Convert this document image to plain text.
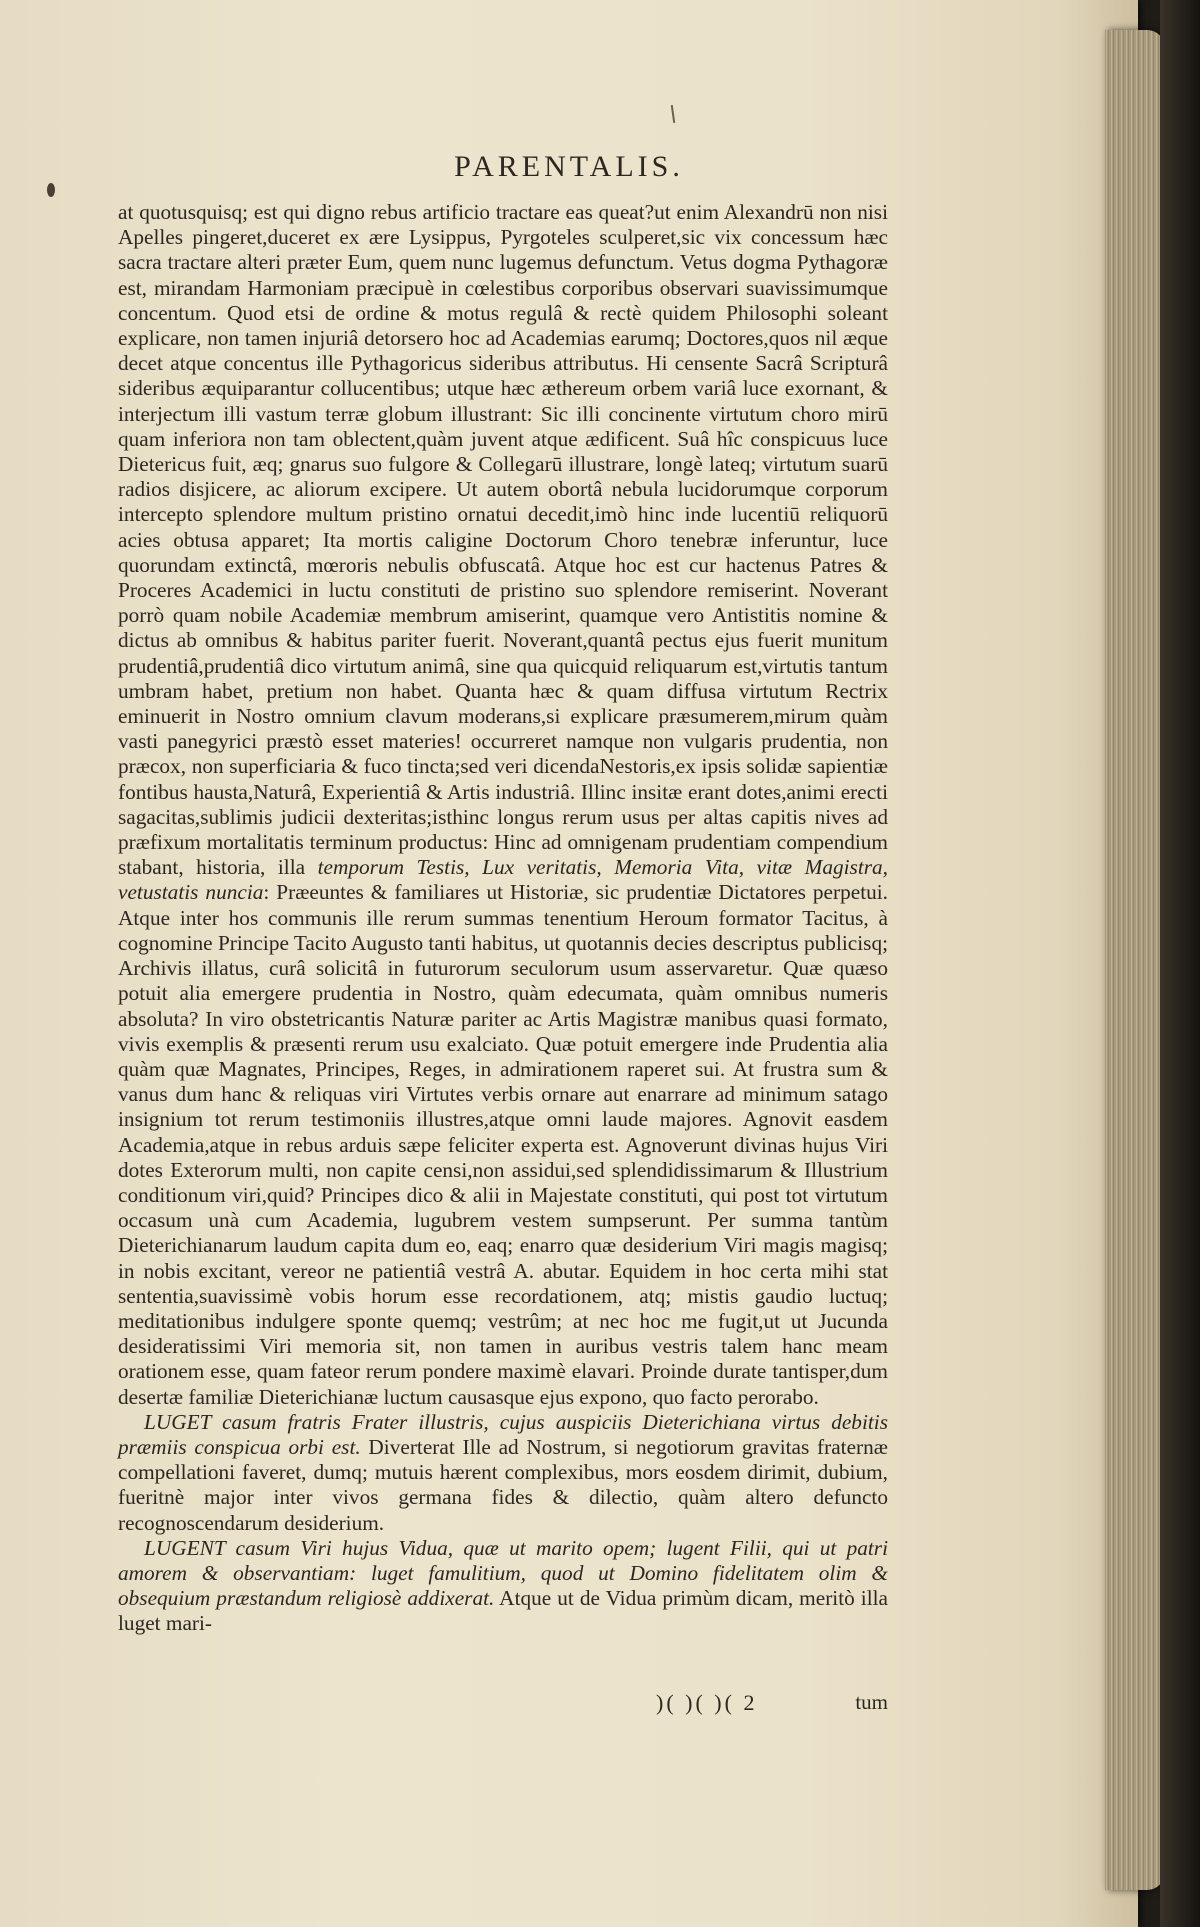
PARENTALIS.

at quotusquisq; est qui digno rebus artificio tractare eas queat?ut enim Alexandrū non nisi Apelles pingeret,duceret ex ære Lysippus, Pyrgoteles sculperet,sic vix concessum hæc sacra tractare alteri præter Eum, quem nunc lugemus defunctum. Vetus dogma Pythagoræ est, mirandam Harmoniam præcipuè in cœlestibus corporibus observari suavissimumque concentum. Quod etsi de ordine & motus regulâ & rectè quidem Philosophi soleant explicare, non tamen injuriâ detorsero hoc ad Academias earumq; Doctores,quos nil æque decet atque concentus ille Pythagoricus sideribus attributus. Hi censente Sacrâ Scripturâ sideribus æquiparantur collucentibus; utque hæc æthereum orbem variâ luce exornant, & interjectum illi vastum terræ globum illustrant: Sic illi concinente virtutum choro mirū quam inferiora non tam oblectent,quàm juvent atque ædificent. Suâ hîc conspicuus luce Dietericus fuit, æq; gnarus suo fulgore & Collegarū illustrare, longè lateq; virtutum suarū radios disjicere, ac aliorum excipere. Ut autem obortâ nebula lucidorumque corporum intercepto splendore multum pristino ornatui decedit,imò hinc inde lucentiū reliquorū acies obtusa apparet; Ita mortis caligine Doctorum Choro tenebræ inferuntur, luce quorundam extinctâ, mœroris nebulis obfuscatâ. Atque hoc est cur hactenus Patres & Proceres Academici in luctu constituti de pristino suo splendore remiserint. Noverant porrò quam nobile Academiæ membrum amiserint, quamque vero Antistitis nomine & dictus ab omnibus & habitus pariter fuerit. Noverant,quantâ pectus ejus fuerit munitum prudentiâ,prudentiâ dico virtutum animâ, sine qua quicquid reliquarum est,virtutis tantum umbram habet, pretium non habet. Quanta hæc & quam diffusa virtutum Rectrix eminuerit in Nostro omnium clavum moderans,si explicare præsumerem,mirum quàm vasti panegyrici præstò esset materies! occurreret namque non vulgaris prudentia, non præcox, non superficiaria & fuco tincta;sed veri dicendaNestoris,ex ipsis solidæ sapientiæ fontibus hausta,Naturâ, Experientiâ & Artis industriâ. Illinc insitæ erant dotes,animi erecti sagacitas,sublimis judicii dexteritas;isthinc longus rerum usus per altas capitis nives ad præfixum mortalitatis terminum productus: Hinc ad omnigenam prudentiam compendium stabant, historia, illa temporum Testis, Lux veritatis, Memoria Vita, vitæ Magistra, vetustatis nuncia: Præeuntes & familiares ut Historiæ, sic prudentiæ Dictatores perpetui. Atque inter hos communis ille rerum summas tenentium Heroum formator Tacitus, à cognomine Principe Tacito Augusto tanti habitus, ut quotannis decies descriptus publicisq; Archivis illatus, curâ solicitâ in futurorum seculorum usum asservaretur. Quæ quæso potuit alia emergere prudentia in Nostro, quàm edecumata, quàm omnibus numeris absoluta? In viro obstetricantis Naturæ pariter ac Artis Magistræ manibus quasi formato, vivis exemplis & præsenti rerum usu exalciato. Quæ potuit emergere inde Prudentia alia quàm quæ Magnates, Principes, Reges, in admirationem raperet sui. At frustra sum & vanus dum hanc & reliquas viri Virtutes verbis ornare aut enarrare ad minimum satago insignium tot rerum testimoniis illustres,atque omni laude majores. Agnovit easdem Academia,atque in rebus arduis sæpe feliciter experta est. Agnoverunt divinas hujus Viri dotes Exterorum multi, non capite censi,non assidui,sed splendidissimarum & Illustrium conditionum viri,quid? Principes dico & alii in Majestate constituti, qui post tot virtutum occasum unà cum Academia, lugubrem vestem sumpserunt. Per summa tantùm Dieterichianarum laudum capita dum eo, eaq; enarro quæ desiderium Viri magis magisq; in nobis excitant, vereor ne patientiâ vestrâ A. abutar. Equidem in hoc certa mihi stat sententia,suavissimè vobis horum esse recordationem, atq; mistis gaudio luctuq; meditationibus indulgere sponte quemq; vestrûm; at nec hoc me fugit,ut ut Jucunda desideratissimi Viri memoria sit, non tamen in auribus vestris talem hanc meam orationem esse, quam fateor rerum pondere maximè elavari. Proinde durate tantisper,dum desertæ familiæ Dieterichianæ luctum causasque ejus expono, quo facto perorabo.

LUGET casum fratris Frater illustris, cujus auspiciis Dieterichiana virtus debitis præmiis conspicua orbi est. Diverterat Ille ad Nostrum, si negotiorum gravitas fraternæ compellationi faveret, dumq; mutuis hærent complexibus, mors eosdem dirimit, dubium, fueritnè major inter vivos germana fides & dilectio, quàm altero defuncto recognoscendarum desiderium.

LUGENT casum Viri hujus Vidua, quæ ut marito opem; lugent Filii, qui ut patri amorem & observantiam: luget famulitium, quod ut Domino fidelitatem olim & obsequium præstandum religiosè addixerat. Atque ut de Vidua primùm dicam, meritò illa luget mari-

)( )( )( 2	tum
